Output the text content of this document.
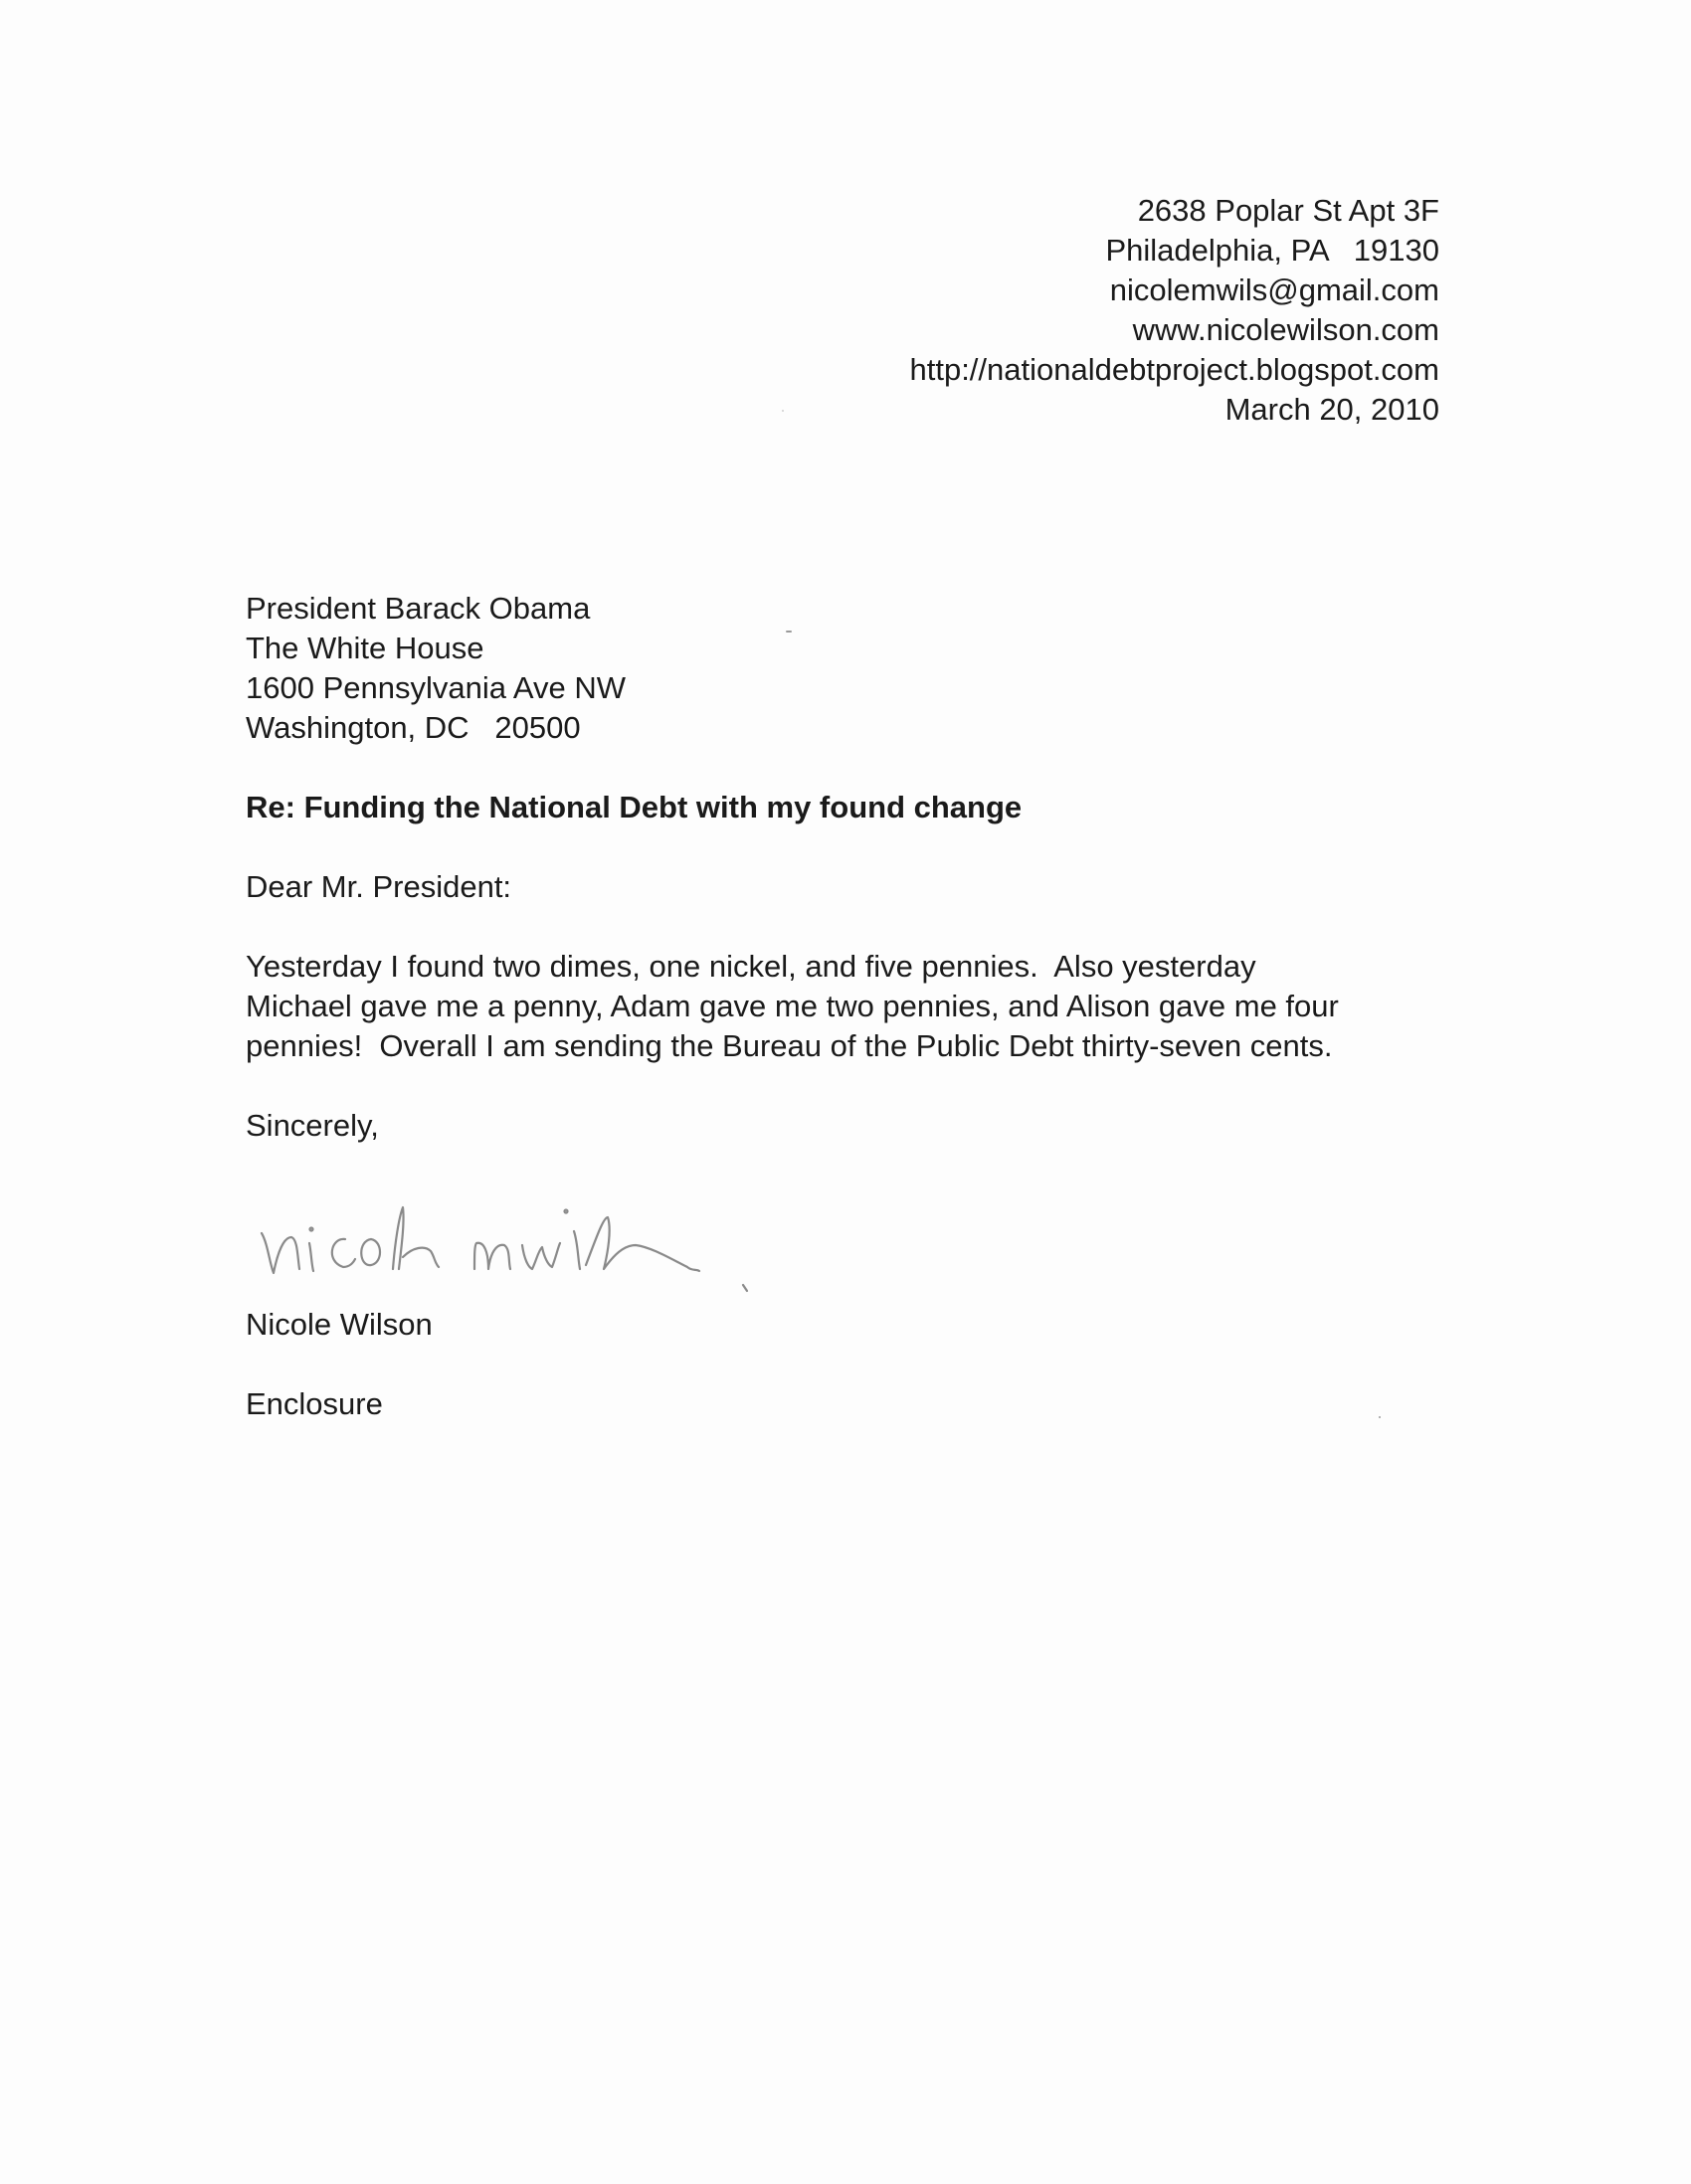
2638 Poplar St Apt 3F
Philadelphia, PA   19130
nicolemwils@gmail.com
www.nicolewilson.com
http://nationaldebtproject.blogspot.com
March 20, 2010
President Barack Obama
The White House
1600 Pennsylvania Ave NW
Washington, DC   20500
Re: Funding the National Debt with my found change
Dear Mr. President:
Yesterday I found two dimes, one nickel, and five pennies.  Also yesterday
Michael gave me a penny, Adam gave me two pennies, and Alison gave me four
pennies!  Overall I am sending the Bureau of the Public Debt thirty-seven cents.
Sincerely,
Nicole Wilson
Enclosure
